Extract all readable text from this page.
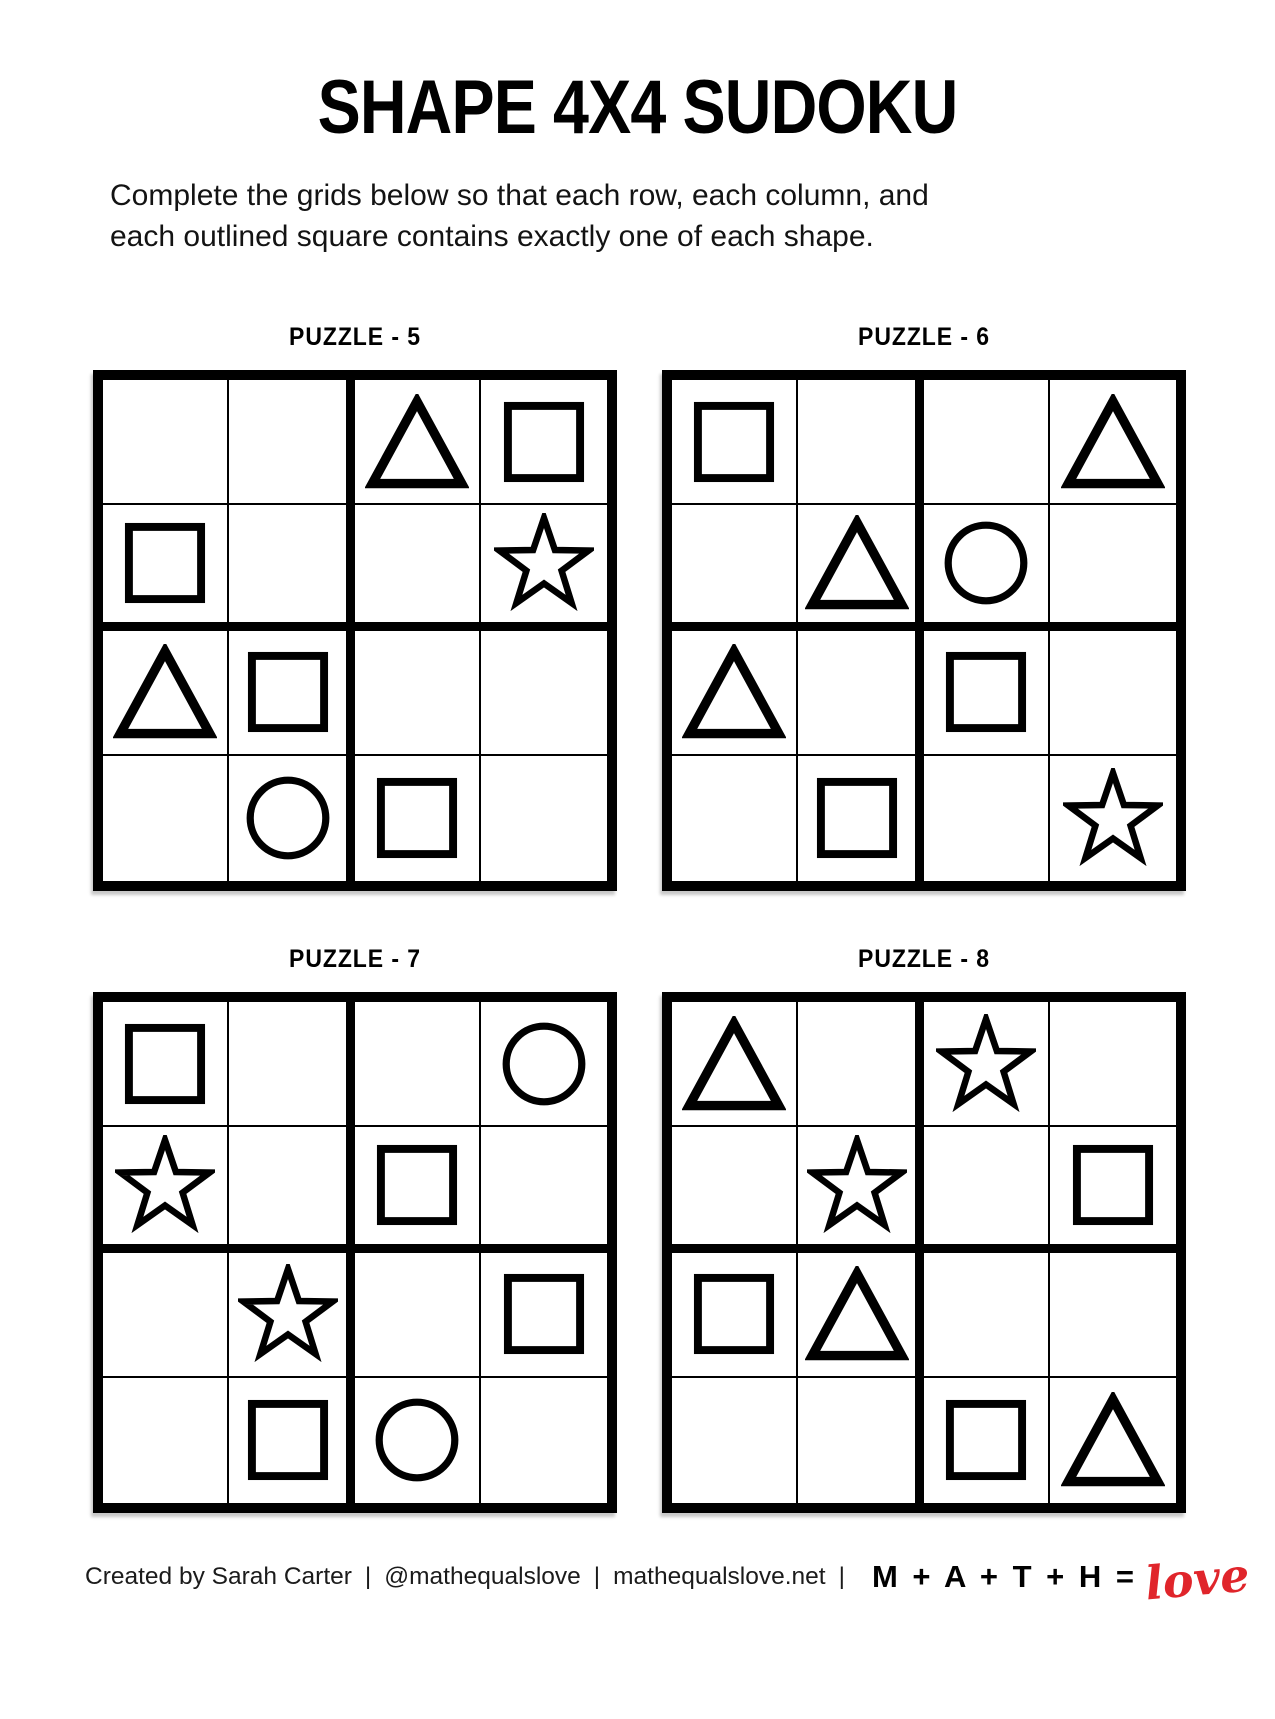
SHAPE 4X4 SUDOKU

Complete the grids below so that each row, each column, and
each outlined square contains exactly one of each shape.

PUZZLE - 5	PUZZLE - 6
PUZZLE - 7	PUZZLE - 8
Created by Sarah Carter | @mathequalslove | mathequalslove.net | M + A + T + H = love
